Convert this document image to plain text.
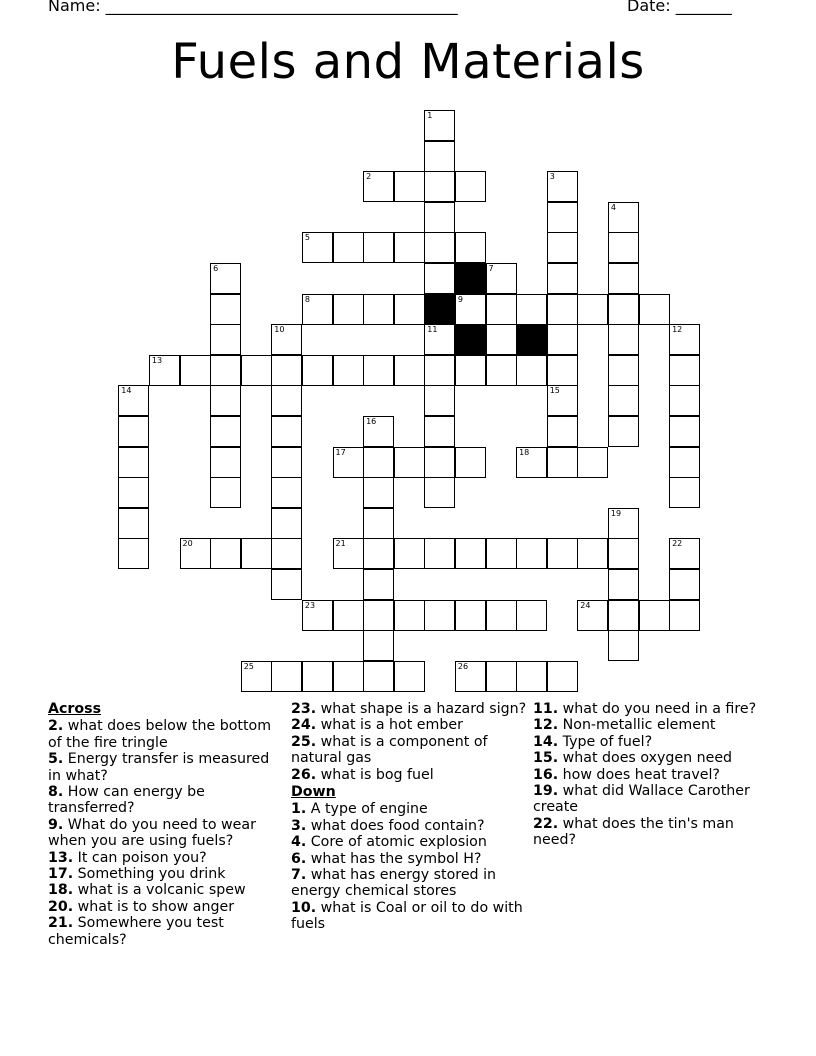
Name: ____________________________________________	Date: _______
Fuels and Materials
1
2	3
4
5
6	7
8	9
10	11	12
13
14	15
16
17	18
19
20	21	22
23	24
25	26
Across
2. what does below the bottom of the fire tringle
5. Energy transfer is measured in what?
8. How can energy be transferred?
9. What do you need to wear when you are using fuels?
13. It can poison you?
17. Something you drink
18. what is a volcanic spew
20. what is to show anger
21. Somewhere you test chemicals?
23. what shape is a hazard sign?
24. what is a hot ember
25. what is a component of natural gas
26. what is bog fuel
Down
1. A type of engine
3. what does food contain?
4. Core of atomic explosion
6. what has the symbol H?
7. what has energy stored in energy chemical stores
10. what is Coal or oil to do with fuels
11. what do you need in a fire?
12. Non-metallic element
14. Type of fuel?
15. what does oxygen need
16. how does heat travel?
19. what did Wallace Carother create
22. what does the tin's man need?
